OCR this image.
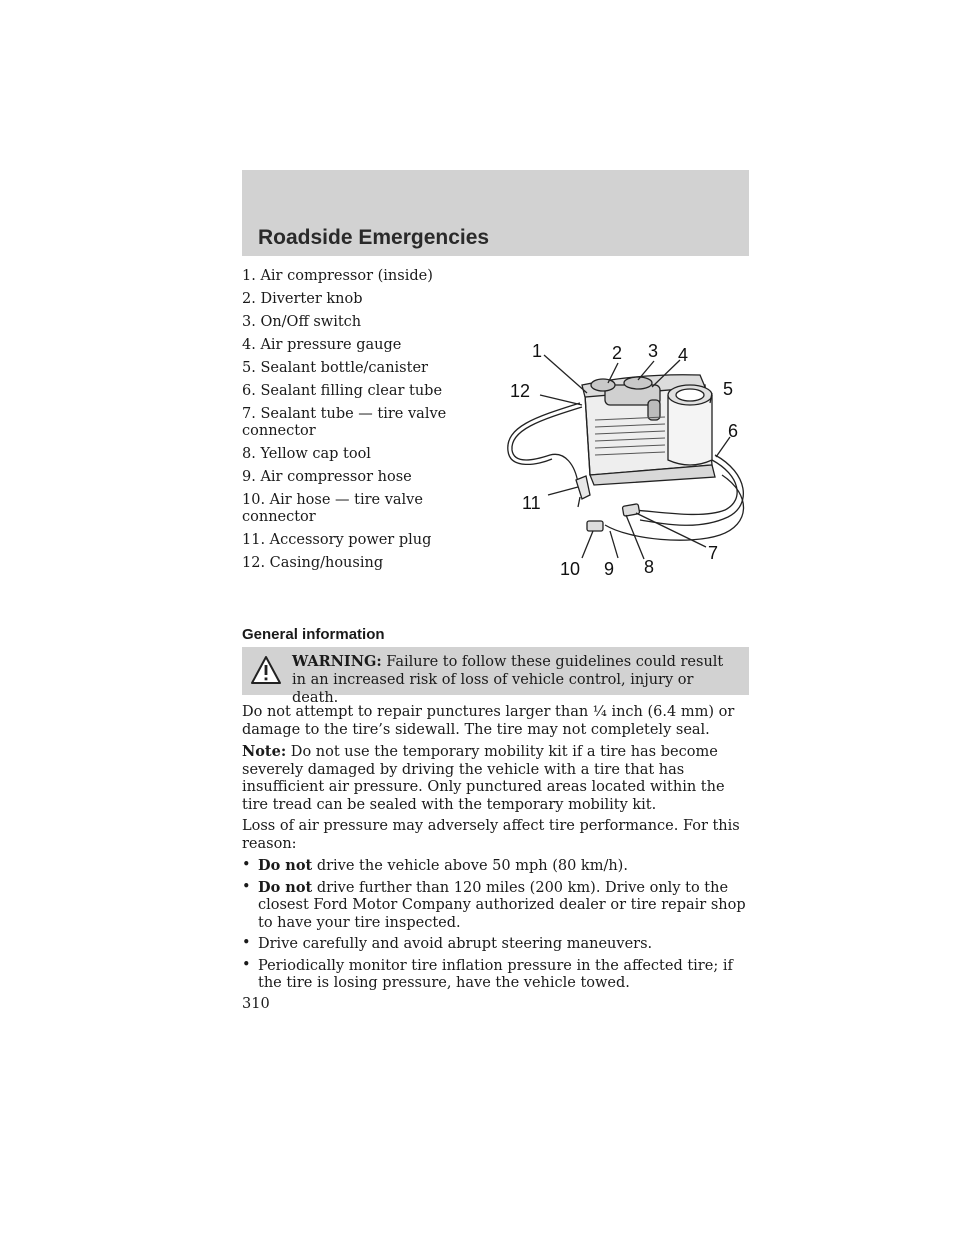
Roadside Emergencies
1. Air compressor (inside)
2. Diverter knob
3. On/Off switch
4. Air pressure gauge
5. Sealant bottle/canister
6. Sealant filling clear tube
7. Sealant tube — tire valve connector
8. Yellow cap tool
9. Air compressor hose
10. Air hose — tire valve connector
11. Accessory power plug
12. Casing/housing
1	2 3 4
5
6
7
8
9
10
11
12
General information
WARNING: Failure to follow these guidelines could result in an increased risk of loss of vehicle control, injury or death.

Do not attempt to repair punctures larger than ¹⁄₄ inch (6.4 mm) or damage to the tire’s sidewall. The tire may not completely seal.

Note: Do not use the temporary mobility kit if a tire has become severely damaged by driving the vehicle with a tire that has insufficient air pressure. Only punctured areas located within the tire tread can be sealed with the temporary mobility kit.

Loss of air pressure may adversely affect tire performance. For this reason:

• Do not drive the vehicle above 50 mph (80 km/h).
• Do not drive further than 120 miles (200 km). Drive only to the closest Ford Motor Company authorized dealer or tire repair shop to have your tire inspected.
• Drive carefully and avoid abrupt steering maneuvers.
• Periodically monitor tire inflation pressure in the affected tire; if the tire is losing pressure, have the vehicle towed.
310
